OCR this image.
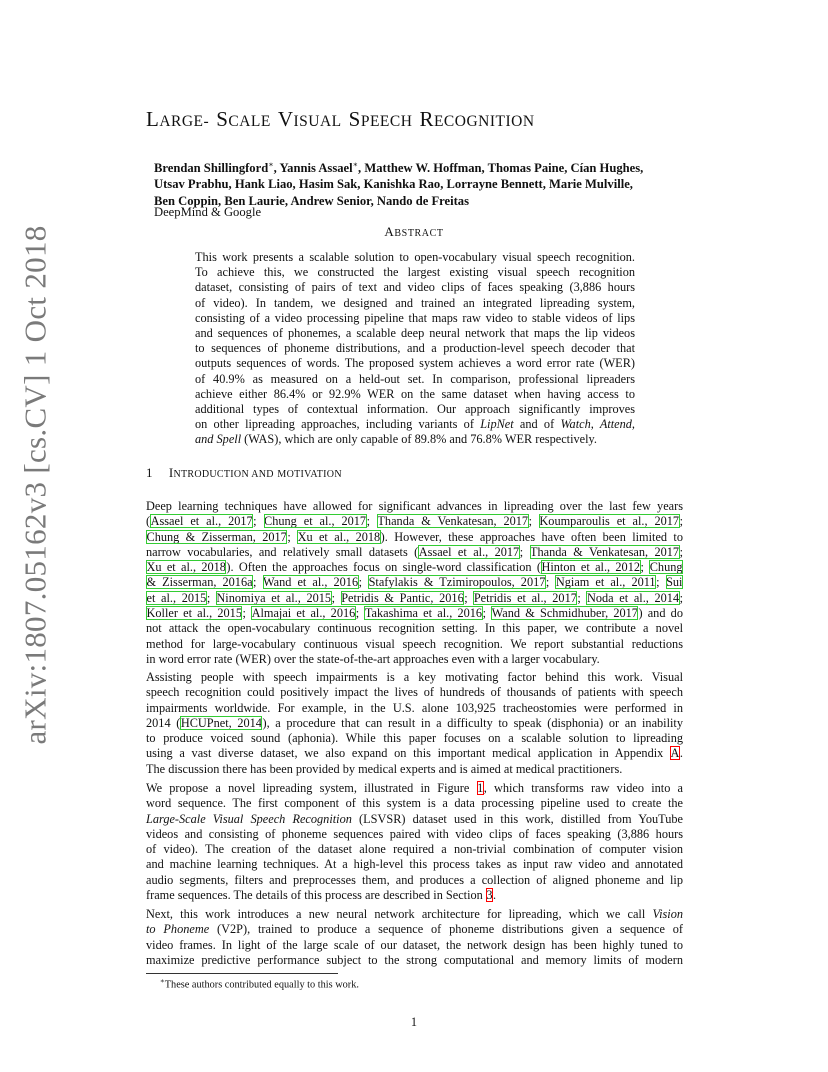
arXiv:1807.05162v3 [cs.CV] 1 Oct 2018
LARGE- SCALE VISUAL SPEECH RECOGNITION
Brendan Shillingford∗, Yannis Assael∗, Matthew W. Hoffman, Thomas Paine, Cían Hughes,
Utsav Prabhu, Hank Liao, Hasim Sak, Kanishka Rao, Lorrayne Bennett, Marie Mulville,
Ben Coppin, Ben Laurie, Andrew Senior, Nando de Freitas
DeepMind & Google
ABSTRACT
This work presents a scalable solution to open-vocabulary visual speech recognition.
To achieve this, we constructed the largest existing visual speech recognition
dataset, consisting of pairs of text and video clips of faces speaking (3,886 hours
of video). In tandem, we designed and trained an integrated lipreading system,
consisting of a video processing pipeline that maps raw video to stable videos of lips
and sequences of phonemes, a scalable deep neural network that maps the lip videos
to sequences of phoneme distributions, and a production-level speech decoder that
outputs sequences of words. The proposed system achieves a word error rate (WER)
of 40.9% as measured on a held-out set. In comparison, professional lipreaders
achieve either 86.4% or 92.9% WER on the same dataset when having access to
additional types of contextual information. Our approach significantly improves
on other lipreading approaches, including variants of LipNet and of Watch, Attend,
and Spell (WAS), which are only capable of 89.8% and 76.8% WER respectively.
1 INTRODUCTION AND MOTIVATION
Deep learning techniques have allowed for significant advances in lipreading over the last few years
(Assael et al., 2017; Chung et al., 2017; Thanda & Venkatesan, 2017; Koumparoulis et al., 2017;
Chung & Zisserman, 2017; Xu et al., 2018). However, these approaches have often been limited to
narrow vocabularies, and relatively small datasets (Assael et al., 2017; Thanda & Venkatesan, 2017;
Xu et al., 2018). Often the approaches focus on single-word classification (Hinton et al., 2012; Chung
& Zisserman, 2016a; Wand et al., 2016; Stafylakis & Tzimiropoulos, 2017; Ngiam et al., 2011; Sui
et al., 2015; Ninomiya et al., 2015; Petridis & Pantic, 2016; Petridis et al., 2017; Noda et al., 2014;
Koller et al., 2015; Almajai et al., 2016; Takashima et al., 2016; Wand & Schmidhuber, 2017) and do
not attack the open-vocabulary continuous recognition setting. In this paper, we contribute a novel
method for large-vocabulary continuous visual speech recognition. We report substantial reductions
in word error rate (WER) over the state-of-the-art approaches even with a larger vocabulary.
Assisting people with speech impairments is a key motivating factor behind this work. Visual
speech recognition could positively impact the lives of hundreds of thousands of patients with speech
impairments worldwide. For example, in the U.S. alone 103,925 tracheostomies were performed in
2014 (HCUPnet, 2014), a procedure that can result in a difficulty to speak (disphonia) or an inability
to produce voiced sound (aphonia). While this paper focuses on a scalable solution to lipreading
using a vast diverse dataset, we also expand on this important medical application in Appendix A.
The discussion there has been provided by medical experts and is aimed at medical practitioners.
We propose a novel lipreading system, illustrated in Figure 1, which transforms raw video into a
word sequence. The first component of this system is a data processing pipeline used to create the
Large-Scale Visual Speech Recognition (LSVSR) dataset used in this work, distilled from YouTube
videos and consisting of phoneme sequences paired with video clips of faces speaking (3,886 hours
of video). The creation of the dataset alone required a non-trivial combination of computer vision
and machine learning techniques. At a high-level this process takes as input raw video and annotated
audio segments, filters and preprocesses them, and produces a collection of aligned phoneme and lip
frame sequences. The details of this process are described in Section 3.
Next, this work introduces a new neural network architecture for lipreading, which we call Vision
to Phoneme (V2P), trained to produce a sequence of phoneme distributions given a sequence of
video frames. In light of the large scale of our dataset, the network design has been highly tuned to
maximize predictive performance subject to the strong computational and memory limits of modern
∗These authors contributed equally to this work.
1
